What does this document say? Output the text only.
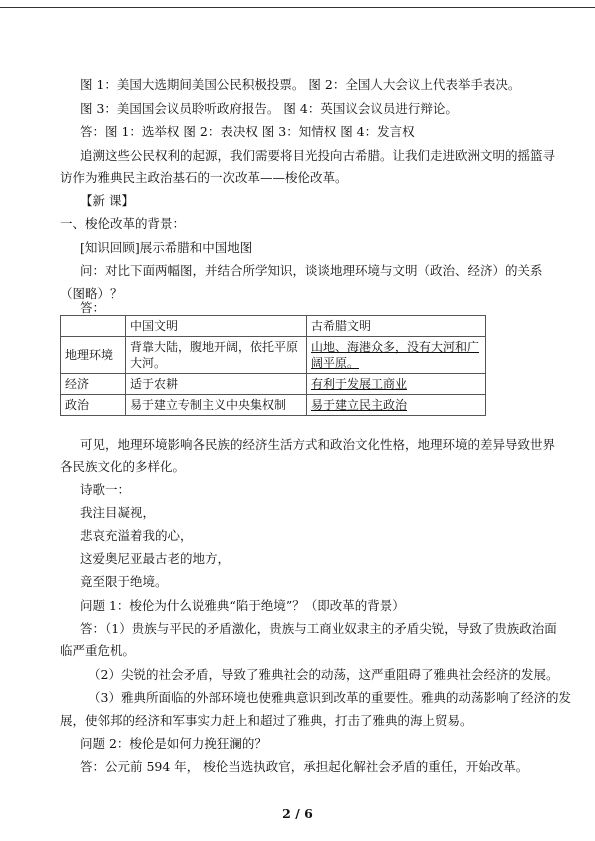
图 1：美国大选期间美国公民积极投票。 图 2：全国人大会议上代表举手表决。
图 3：美国国会议员聆听政府报告。 图 4：英国议会议员进行辩论。
答：图 1：选举权 图 2：表决权 图 3：知情权 图 4：发言权
追溯这些公民权利的起源，我们需要将目光投向古希腊。让我们走进欧洲文明的摇篮寻
访作为雅典民主政治基石的一次改革——梭伦改革。
【新 课】
一、梭伦改革的背景：
[知识回顾]展示希腊和中国地图
问：对比下面两幅图，并结合所学知识，谈谈地理环境与文明（政治、经济）的关系
（图略）？
答：
	中国文明	古希腊文明
地理环境	背靠大陆，腹地开阔，依托平原大河。	山地、海港众多，没有大河和广阔平原。
经济	适于农耕	有利于发展工商业
政治	易于建立专制主义中央集权制	易于建立民主政治
可见，地理环境影响各民族的经济生活方式和政治文化性格，地理环境的差异导致世界
各民族文化的多样化。
诗歌一：
我注目凝视，
悲哀充溢着我的心，
这爱奥尼亚最古老的地方，
竟至限于绝境。
问题 1：梭伦为什么说雅典“陷于绝境”？（即改革的背景）
答：（1）贵族与平民的矛盾激化，贵族与工商业奴隶主的矛盾尖锐，导致了贵族政治面
临严重危机。
（2）尖锐的社会矛盾，导致了雅典社会的动荡，这严重阻碍了雅典社会经济的发展。
（3）雅典所面临的外部环境也使雅典意识到改革的重要性。雅典的动荡影响了经济的发
展，使邻邦的经济和军事实力赶上和超过了雅典，打击了雅典的海上贸易。
问题 2：梭伦是如何力挽狂澜的？
答：公元前 594 年， 梭伦当选执政官，承担起化解社会矛盾的重任，开始改革。
2 / 6
